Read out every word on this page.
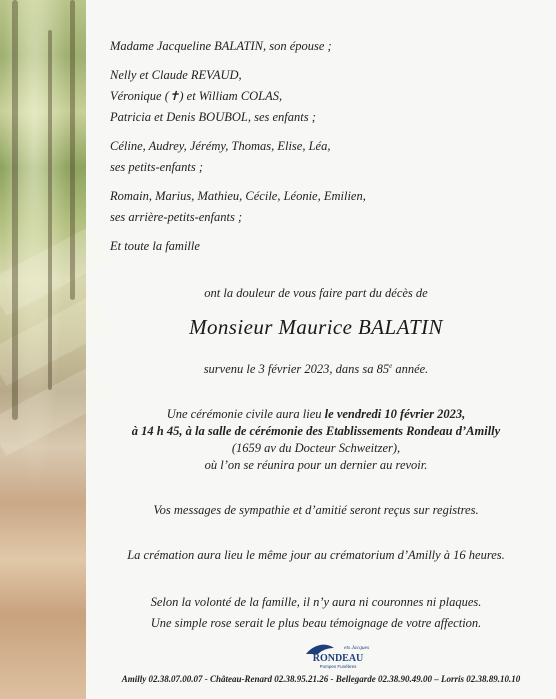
Madame Jacqueline BALATIN, son épouse ;
Nelly et Claude REVAUD,
Véronique (✝) et William COLAS,
Patricia et Denis BOUBOL, ses enfants ;
Céline, Audrey, Jérémy, Thomas, Elise, Léa,
ses petits-enfants ;
Romain, Marius, Mathieu, Cécile, Léonie, Emilien,
ses arrière-petits-enfants ;
Et toute la famille
ont la douleur de vous faire part du décès de
Monsieur Maurice BALATIN
survenu le 3 février 2023, dans sa 85e année.
Une cérémonie civile aura lieu le vendredi 10 février 2023,
à 14 h 45, à la salle de cérémonie des Etablissements Rondeau d’Amilly
(1659 av du Docteur Schweitzer),
où l’on se réunira pour un dernier au revoir.
Vos messages de sympathie et d’amitié seront reçus sur registres.
La crémation aura lieu le même jour au crématorium d’Amilly à 16 heures.
Selon la volonté de la famille, il n’y aura ni couronnes ni plaques.
Une simple rose serait le plus beau témoignage de votre affection.
ets Jacques
RONDEAU
Pompes Funèbres
Amilly 02.38.07.00.07 - Château-Renard 02.38.95.21.26 - Bellegarde 02.38.90.49.00 – Lorris 02.38.89.10.10
